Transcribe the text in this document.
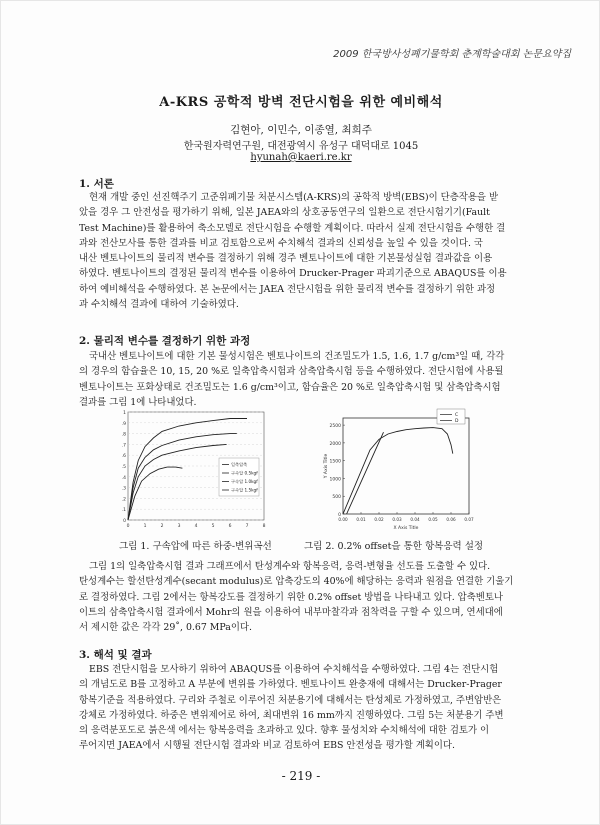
2009 한국방사성폐기물학회 춘계학술대회 논문요약집
A-KRS 공학적 방벽 전단시험을 위한 예비해석
김현아, 이민수, 이종열, 최희주
한국원자력연구원, 대전광역시 유성구 대덕대로 1045
hyunah@kaeri.re.kr
1. 서론
현재 개발 중인 선진핵주기 고준위폐기물 처분시스템(A-KRS)의 공학적 방벽(EBS)이 단층작용을 받
았을 경우 그 안전성을 평가하기 위해, 일본 JAEA와의 상호공동연구의 일환으로 전단시험기기(Fault
Test Machine)를 활용하여 축소모델로 전단시험을 수행할 계획이다. 따라서 실제 전단시험을 수행한 결
과와 전산모사를 통한 결과를 비교 검토함으로써 수치해석 결과의 신뢰성을 높일 수 있을 것이다. 국
내산 벤토나이트의 물리적 변수를 결정하기 위해 경주 벤토나이트에 대한 기본물성실험 결과값을 이용
하였다. 벤토나이트의 결정된 물리적 변수를 이용하여 Drucker-Prager 파괴기준으로 ABAQUS를 이용
하여 예비해석을 수행하였다. 본 논문에서는 JAEA 전단시험을 위한 물리적 변수를 결정하기 위한 과정
과 수치해석 결과에 대하여 기술하였다.
2. 물리적 변수를 결정하기 위한 과정
국내산 벤토나이트에 대한 기본 물성시험은 벤토나이트의 건조밀도가 1.5, 1.6, 1.7 g/cm³일 때, 각각
의 경우의 함습율은 10, 15, 20 %로 일축압축시험과 삼축압축시험 등을 수행하였다. 전단시험에 사용될
벤토나이트는 포화상태로 건조밀도는 1.6 g/cm³이고, 함습율은 20 %로 일축압축시험 및 삼축압축시험
결과를 그림 1에 나타내었다.
0
.1
.2
.3
.4
.5
.6
.7
.8
.9
1
0	1	2	3	4	5	6	7	8
일축압축
구속압 0.5kgf
구속압 1.0kgf
구속압 1.5kgf
그림 1. 구속압에 따른 하중-변위곡선
0
500
1000
1500
2000
2500
0.00 0.01 0.02 0.03 0.04 0.05 0.06 0.07
X Axis Title
Y Axis Title
C
D
그림 2. 0.2% offset을 통한 항복응력 설정
그림 1의 일축압축시험 결과 그래프에서 탄성계수와 항복응력, 응력-변형율 선도를 도출할 수 있다.
탄성계수는 할선탄성계수(secant modulus)로 압축강도의 40%에 해당하는 응력과 원점을 연결한 기울기
로 결정하였다. 그림 2에서는 항복강도를 결정하기 위한 0.2% offset 방법을 나타내고 있다. 압축벤토나
이트의 삼축압축시험 결과에서 Mohr의 원을 이용하여 내부마찰각과 점착력을 구할 수 있으며, 연세대에
서 제시한 값은 각각 29˚, 0.67 MPa이다.
3. 해석 및 결과
EBS 전단시험을 모사하기 위하여 ABAQUS를 이용하여 수치해석을 수행하였다. 그림 4는 전단시험
의 개념도로 B를 고정하고 A 부분에 변위를 가하였다. 벤토나이트 완충재에 대해서는 Drucker-Prager
항복기준을 적용하였다. 구리와 주철로 이루어진 처분용기에 대해서는 탄성체로 가정하였고, 주변암반은
강체로 가정하였다. 하중은 변위제어로 하여, 최대변위 16 mm까지 진행하였다. 그림 5는 처분용기 주변
의 응력분포도로 붉은색 에서는 항복응력을 초과하고 있다. 향후 물성치와 수치해석에 대한 검토가 이
루어지면 JAEA에서 시행될 전단시험 결과와 비교 검토하여 EBS 안전성을 평가할 계획이다.
- 219 -
